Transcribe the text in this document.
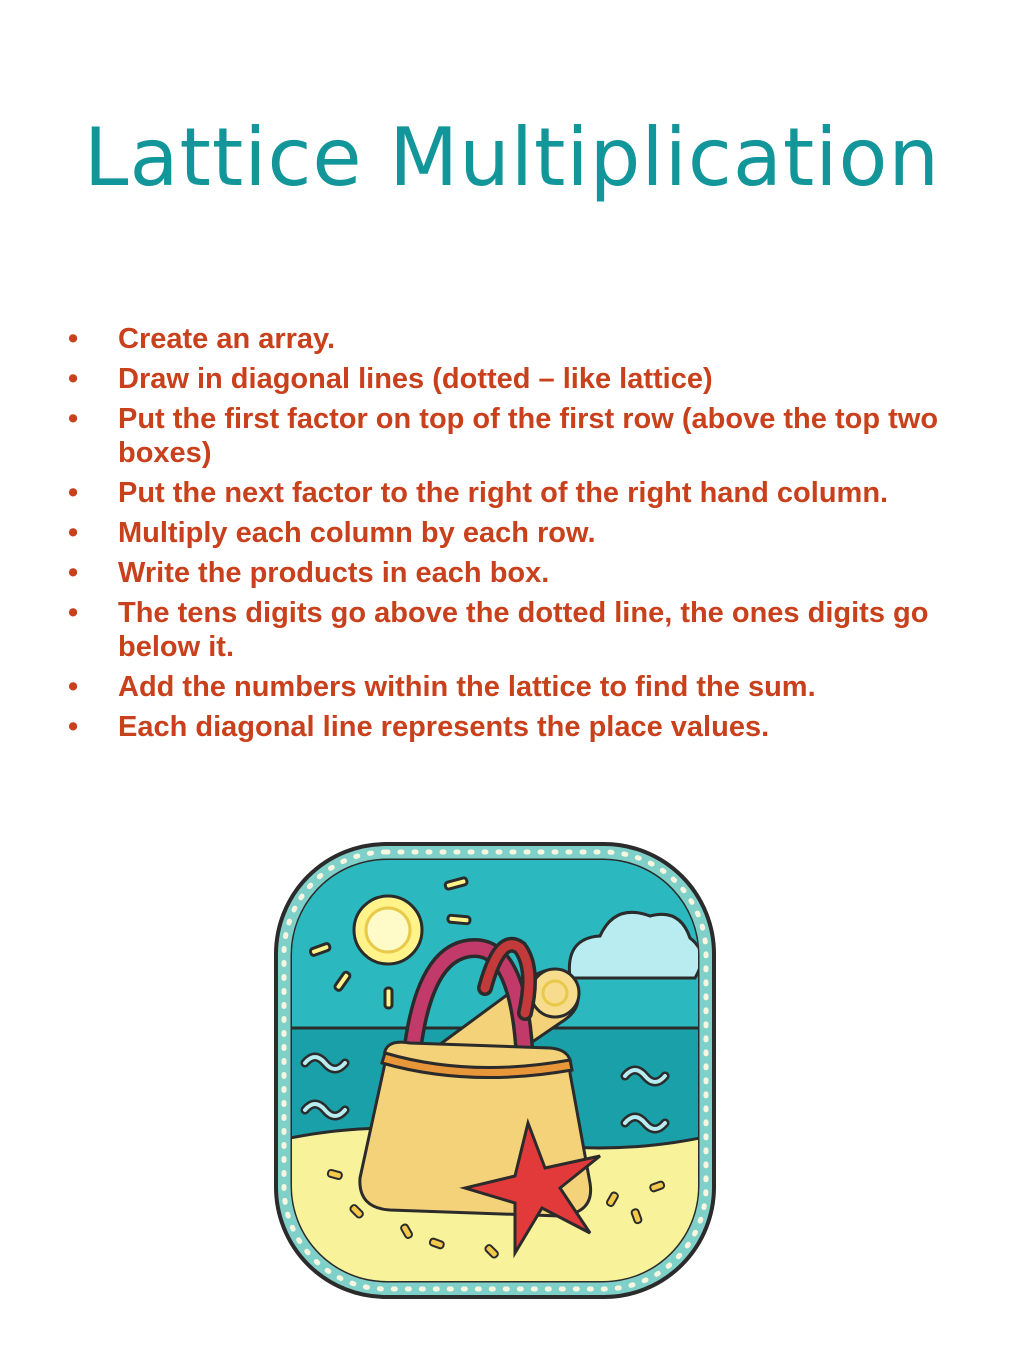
Lattice Multiplication
•	Create an array.
•	Draw in diagonal lines (dotted – like lattice)
•	Put the first factor on top of the first row (above the top two boxes)
•	Put the next factor to the right of the right hand column.
•	Multiply each column by each row.
•	Write the products in each box.
•	The tens digits go above the dotted line, the ones digits go below it.
•	Add the numbers within the lattice to find the sum.
•	Each diagonal line represents the place values.
